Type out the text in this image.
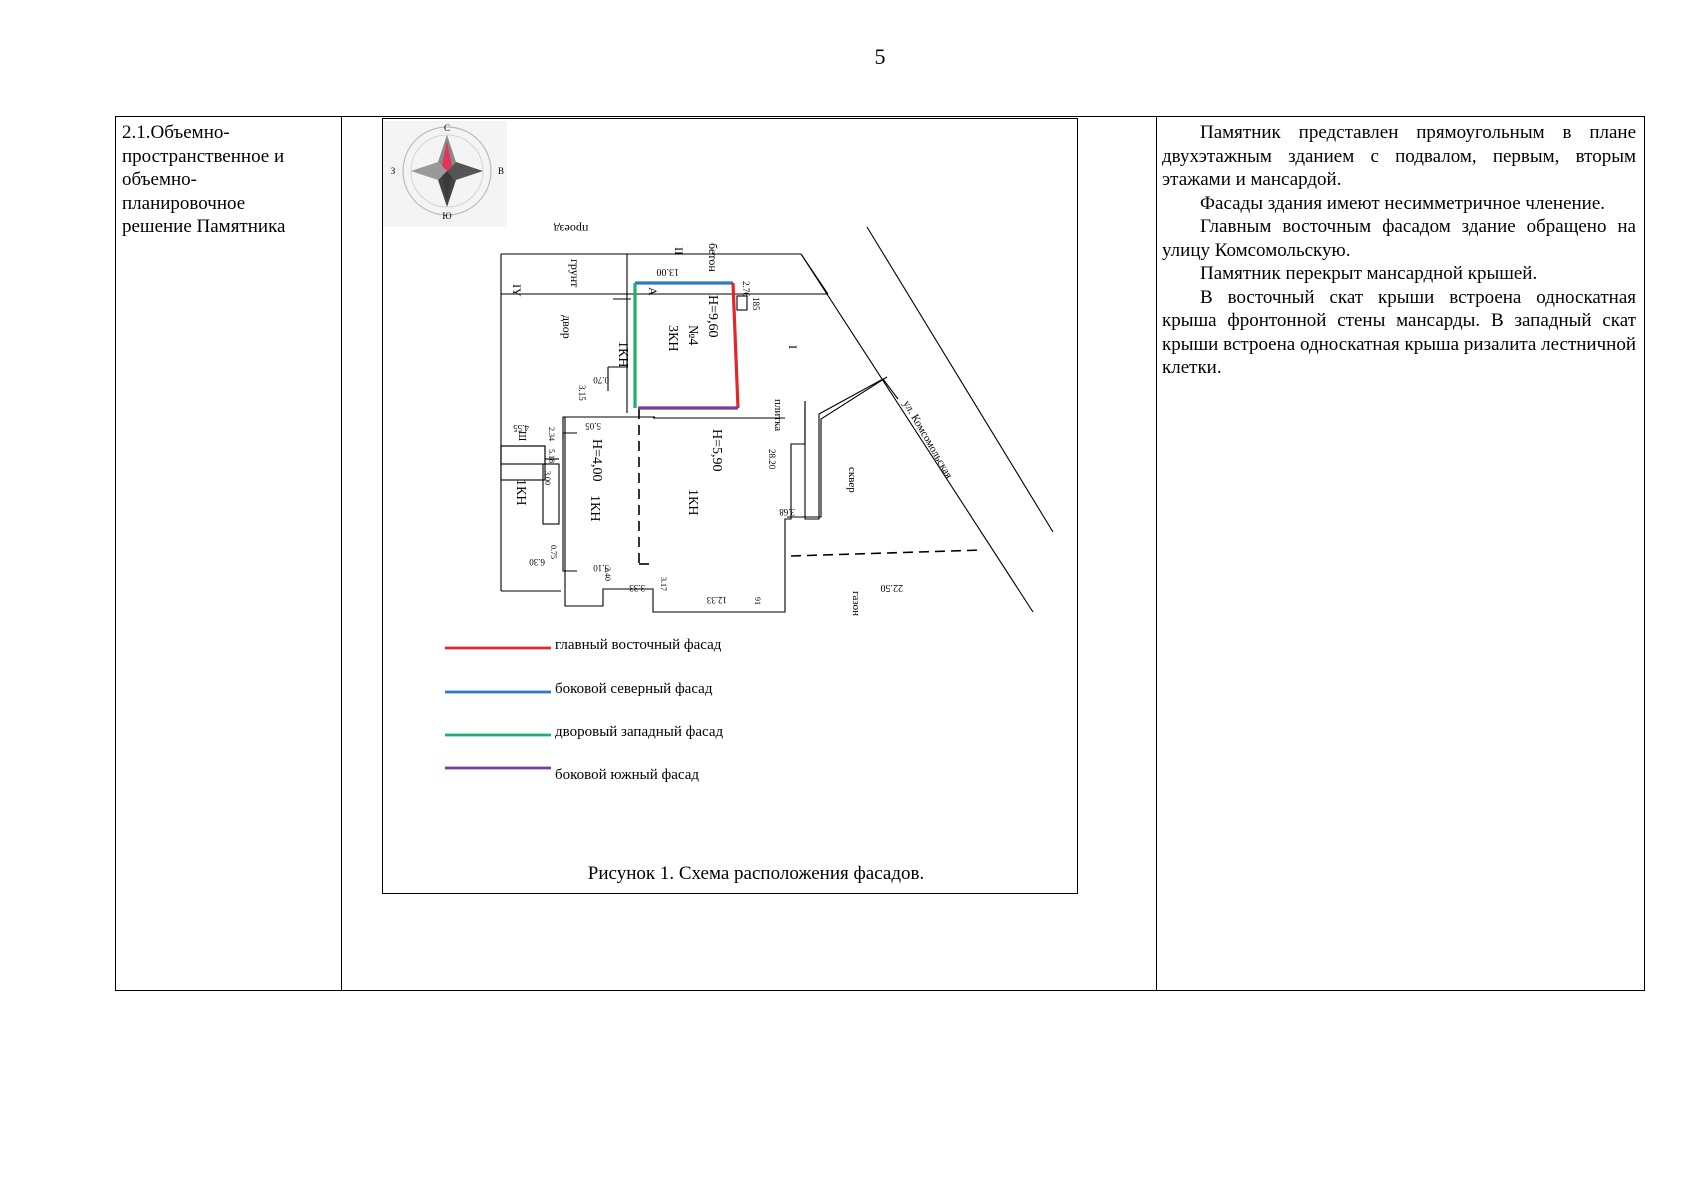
5
2.1.Объемно-
пространственное и
объемно-
планировочное
решение Памятника

С
Ю
З	В
проезд
грунт
II бетон
13.00
IY
двор
А	2.76
185
3КН №4 Н=9,60
1КН	I
0.70
3.15
4.55	5.05
Ш	2.34
5.18
3.00	Н=4,00	Н=5,90
плитка
28.20
3.68
сквер
1КН
1КН	1КН
ул. Комсомольская
6.30
0.75
5.10
2.40
3.33 3.17
12.33	91	газон
22.50
главный восточный фасад
боковой северный фасад
дворовый западный фасад
боковой южный фасад
Рисунок 1. Схема расположения фасадов.

Памятник представлен прямоугольным в плане двухэтажным зданием с подвалом, первым, вторым этажами и мансардой.

Фасады здания имеют несимметричное членение.

Главным восточным фасадом здание обращено на улицу Комсомольскую.

Памятник перекрыт мансардной крышей.

В восточный скат крыши встроена односкатная крыша фронтонной стены мансарды. В западный скат крыши встроена односкатная крыша ризалита лестничной клетки.
